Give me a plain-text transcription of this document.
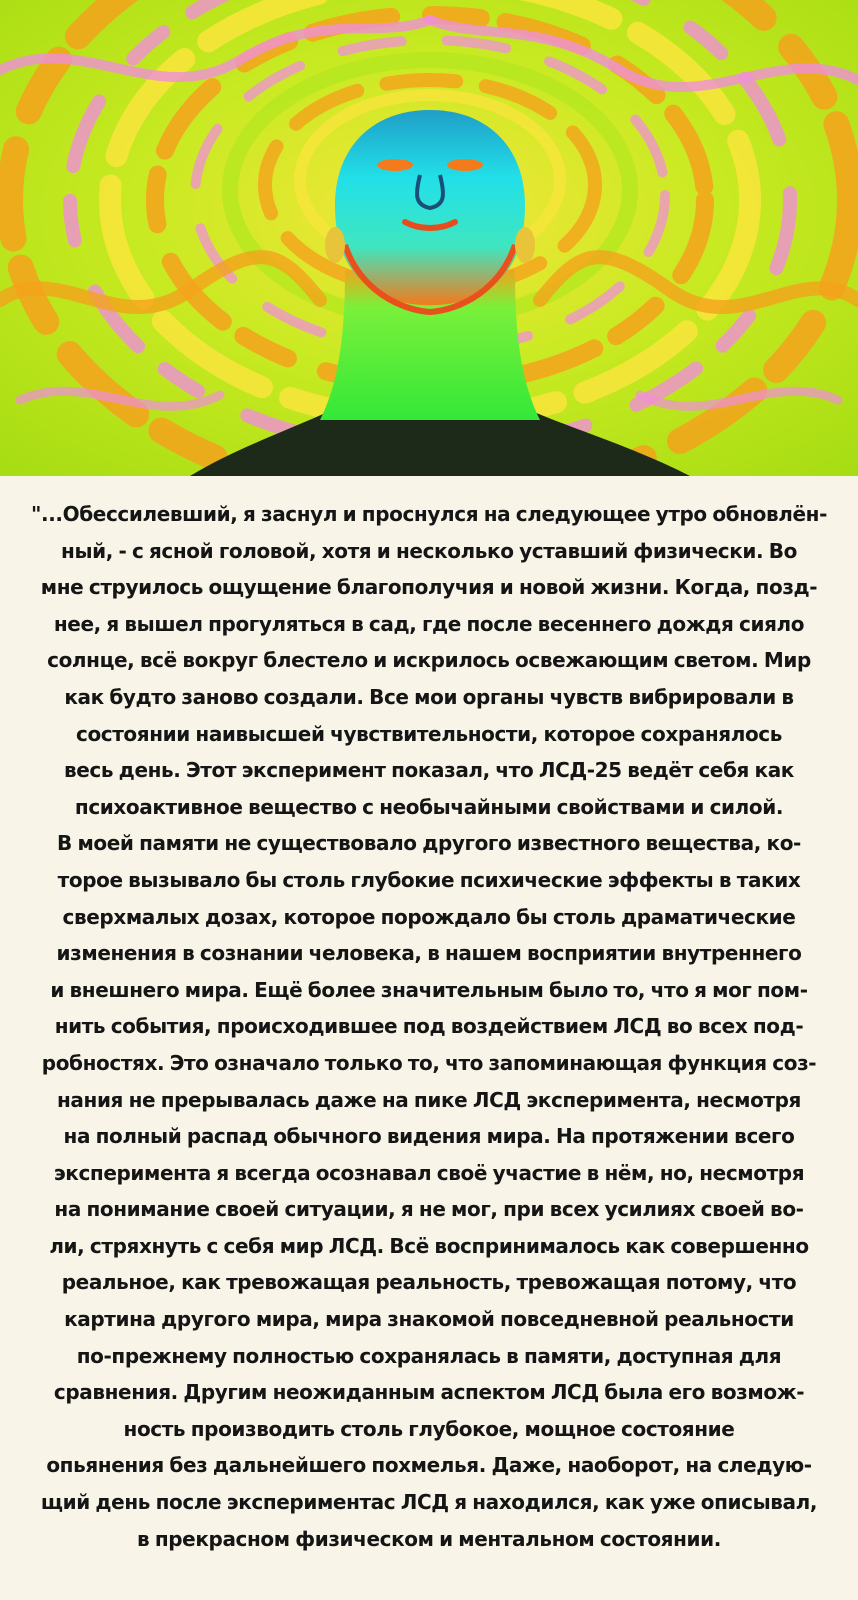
"...Обессилевший, я заснул и проснулся на следующее утро обновлён-
ный, - с ясной головой, хотя и несколько уставший физически. Во
мне струилось ощущение благополучия и новой жизни. Когда, позд-
нее, я вышел прогуляться в сад, где после весеннего дождя сияло
солнце, всё вокруг блестело и искрилось освежающим светом. Мир
как будто заново создали. Все мои органы чувств вибрировали в
состоянии наивысшей чувствительности, которое сохранялось
весь день. Этот эксперимент показал, что ЛСД-25 ведёт себя как
психоактивное вещество с необычайными свойствами и силой.
В моей памяти не существовало другого известного вещества, ко-
торое вызывало бы столь глубокие психические эффекты в таких
сверхмалых дозах, которое порождало бы столь драматические
изменения в сознании человека, в нашем восприятии внутреннего
и внешнего мира. Ещё более значительным было то, что я мог пом-
нить события, происходившее под воздействием ЛСД во всех под-
робностях. Это означало только то, что запоминающая функция соз-
нания не прерывалась даже на пике ЛСД эксперимента, несмотря
на полный распад обычного видения мира. На протяжении всего
эксперимента я всегда осознавал своё участие в нём, но, несмотря
на понимание своей ситуации, я не мог, при всех усилиях своей во-
ли, стряхнуть с себя мир ЛСД. Всё воспринималось как совершенно
реальное, как тревожащая реальность, тревожащая потому, что
картина другого мира, мира знакомой повседневной реальности
по-прежнему полностью сохранялась в памяти, доступная для
сравнения. Другим неожиданным аспектом ЛСД была его возмож-
ность производить столь глубокое, мощное состояние
опьянения без дальнейшего похмелья. Даже, наоборот, на следую-
щий день после экспериментас ЛСД я находился, как уже описывал,
в прекрасном физическом и ментальном состоянии.
